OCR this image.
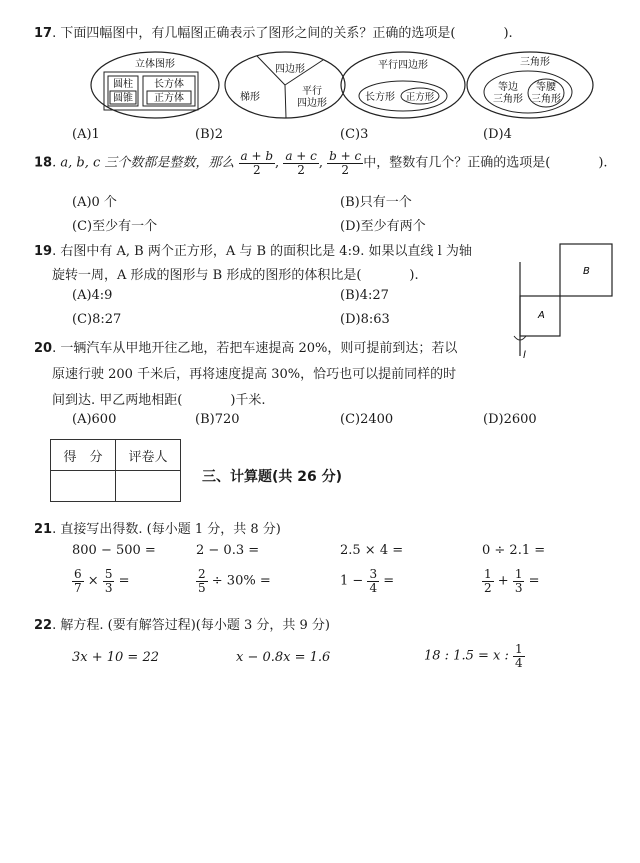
17. 下面四幅图中，有几幅图正确表示了图形之间的关系？正确的选项是(	).
立体图形
圆柱
圆锥
长方体
正方体
四边形
梯形
平行
四边形
平行四边形
长方形 正方形
三角形
等边
三角形
等腰
三角形
(A)1	(B)2	(C)3	(D)4
18. a, b, c 三个数都是整数，那么 $\frac{a + b}{2}$ , $\frac{a + c}{2}$ , $\frac{b + c}{2}$ 中，整数有几个？正确的选项是(	).
(A)0 个	(B)只有一个
(C)至少有一个	(D)至少有两个
19. 右图中有 A, B 两个正方形，A 与 B 的面积比是 4:9. 如果以直线 l 为轴
旋转一周，A 形成的图形与 B 形成的图形的体积比是(	).
(A)4:9	(B)4:27
(C)8:27	(D)8:63	A
B
l
20. 一辆汽车从甲地开往乙地，若把车速提高 20%，则可提前到达；若以
原速行驶 200 千米后，再将速度提高 30%，恰巧也可以提前同样的时
间到达. 甲乙两地相距(	)千米.
(A)600	(B)720	(C)2400	(D)2600
得　分	评卷人

三、计算题(共 26 分)
21. 直接写出得数. (每小题 1 分，共 8 分)
800 − 500 =	2 − 0.3 =	2.5 × 4 =	0 ÷ 2.1 =
$\frac{6}{7} \times \frac{5}{3}$ =	$\frac{2}{5} \div 30\%$ =	$1 - \frac{3}{4}$ =	$\frac{1}{2} + \frac{1}{3}$ =
22. 解方程. (要有解答过程)(每小题 3 分，共 9 分)
3x + 10 = 22	x − 0.8x = 1.6	18 : 1.5 = x : $\frac{1}{4}$
